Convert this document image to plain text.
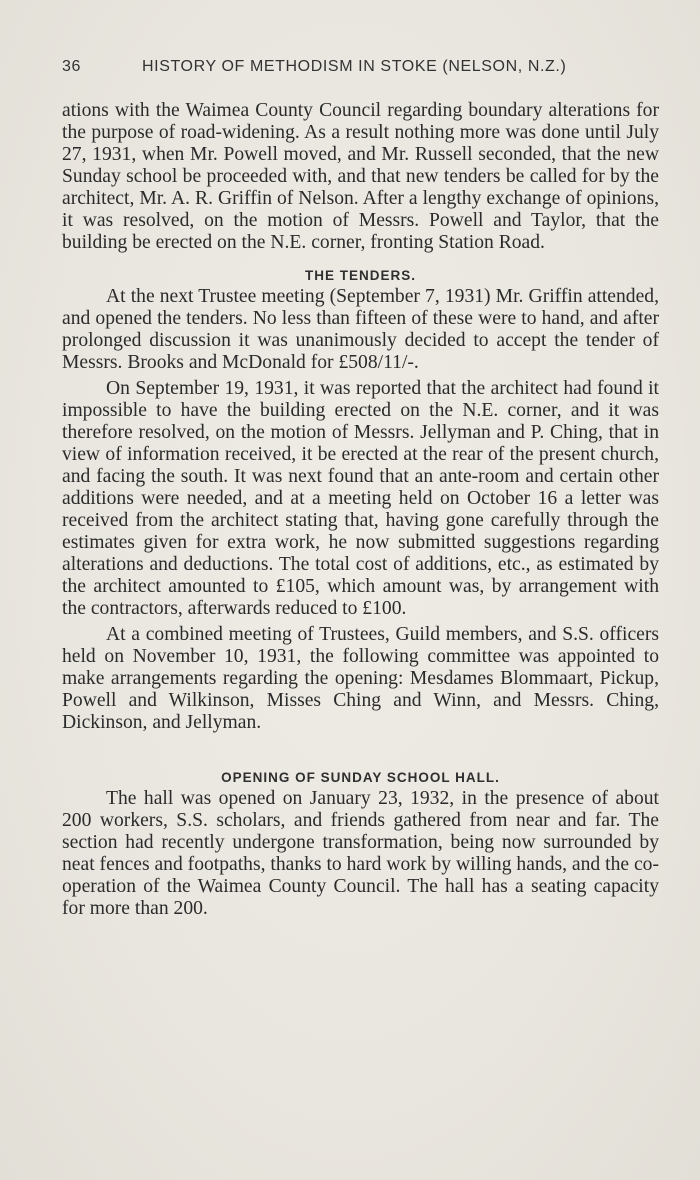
36	HISTORY OF METHODISM IN STOKE (NELSON, N.Z.)

ations with the Waimea County Council regarding boundary alterations for the purpose of road-widening. As a result nothing more was done until July 27, 1931, when Mr. Powell moved, and Mr. Russell seconded, that the new Sunday school be proceeded with, and that new tenders be called for by the architect, Mr. A. R. Griffin of Nelson. After a lengthy exchange of opinions, it was resolved, on the motion of Messrs. Powell and Taylor, that the building be erected on the N.E. corner, fronting Station Road.

THE TENDERS.

At the next Trustee meeting (September 7, 1931) Mr. Griffin attended, and opened the tenders. No less than fifteen of these were to hand, and after prolonged discussion it was unanimously decided to accept the tender of Messrs. Brooks and McDonald for £508/11/-.

On September 19, 1931, it was reported that the architect had found it impossible to have the building erected on the N.E. corner, and it was therefore resolved, on the motion of Messrs. Jellyman and P. Ching, that in view of information received, it be erected at the rear of the present church, and facing the south. It was next found that an ante-room and certain other additions were needed, and at a meeting held on October 16 a letter was received from the architect stating that, having gone carefully through the estimates given for extra work, he now submitted suggestions regarding alterations and deductions. The total cost of additions, etc., as estimated by the architect amounted to £105, which amount was, by arrangement with the contractors, afterwards reduced to £100.

At a combined meeting of Trustees, Guild members, and S.S. officers held on November 10, 1931, the following committee was appointed to make arrangements regarding the opening: Mesdames Blommaart, Pickup, Powell and Wilkinson, Misses Ching and Winn, and Messrs. Ching, Dickinson, and Jellyman.

OPENING OF SUNDAY SCHOOL HALL.

The hall was opened on January 23, 1932, in the presence of about 200 workers, S.S. scholars, and friends gathered from near and far. The section had recently undergone transformation, being now surrounded by neat fences and footpaths, thanks to hard work by willing hands, and the co-operation of the Waimea County Council. The hall has a seating capacity for more than 200.
